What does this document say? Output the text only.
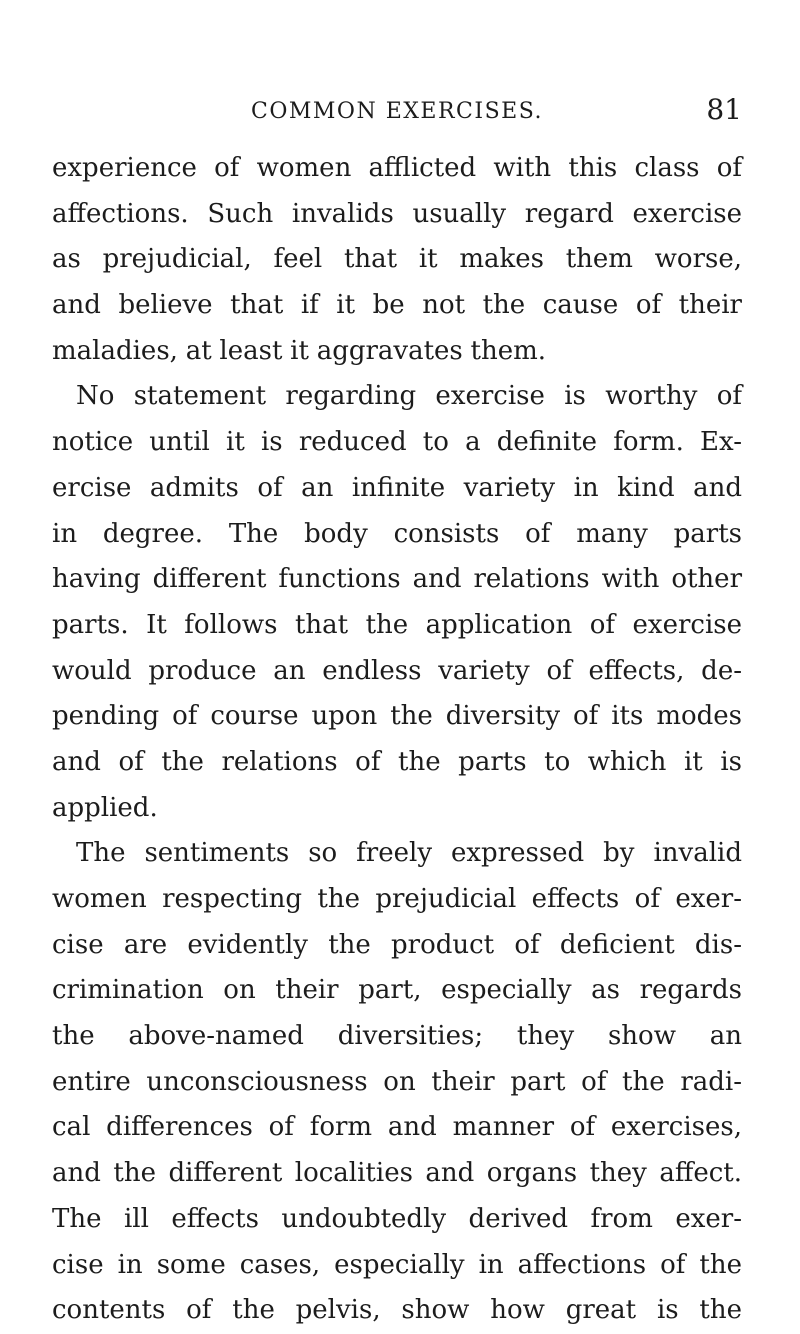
COMMON EXERCISES.	81
experience of women afflicted with this class of
affections. Such invalids usually regard exercise
as prejudicial, feel that it makes them worse,
and believe that if it be not the cause of their
maladies, at least it aggravates them.
No statement regarding exercise is worthy of
notice until it is reduced to a definite form. Ex-
ercise admits of an infinite variety in kind and
in degree. The body consists of many parts
having different functions and relations with other
parts. It follows that the application of exercise
would produce an endless variety of effects, de-
pending of course upon the diversity of its modes
and of the relations of the parts to which it is
applied.
The sentiments so freely expressed by invalid
women respecting the prejudicial effects of exer-
cise are evidently the product of deficient dis-
crimination on their part, especially as regards
the above-named diversities; they show an
entire unconsciousness on their part of the radi-
cal differences of form and manner of exercises,
and the different localities and organs they affect.
The ill effects undoubtedly derived from exer-
cise in some cases, especially in affections of the
contents of the pelvis, show how great is the
